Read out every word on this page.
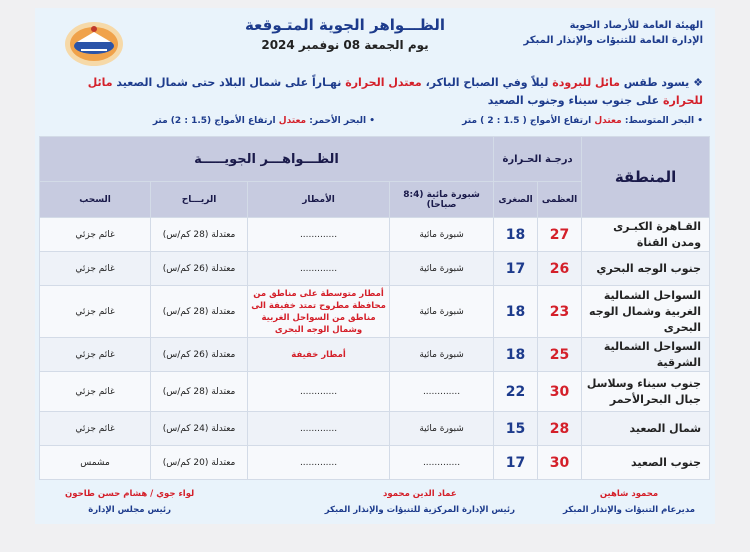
الهيئة العامة للأرصاد الجوية
الإدارة العامة للتنبؤات والإنذار المبكر
الظـــواهر الجوية المتـوقعة
يوم الجمعة 08 نوفمبر 2024
❖ يسود طقس مائل للبرودة ليلاً وفي الصباح الباكر، معتدل الحرارة نهـاراً على شمال البلاد حتى شمال الصعيد مائل للحرارة على جنوب سيناء وجنوب الصعيد
• البحر المتوسط: معتدل ارتفاع الأمواج ( 1.5 : 2 ) متر
• البحر الأحمر: معتدل ارتفاع الأمواج (1.5 : 2) متر
المنطقة	درجـة الحـرارة		الظـــواهـــر الجويـــــة			
	العظمى	الصغرى	شبورة مائية (8:4 صباحا)	الأمطار	الريـــاح	السحب
القـاهرة الكبـرى ومدن القناة	27	18	شبورة مائية	.............	معتدلة (28 كم/س)	غائم جزئي
جنوب الوجه البحري	26	17	شبورة مائية	.............	معتدلة (26 كم/س)	غائم جزئي
السواحل الشمالية الغربية وشمال الوجه البحرى	23	18	شبورة مائية	أمطار متوسطة على مناطق من محافظة مطروح تمتد خفيفة الى مناطق من السواحل الغربية وشمال الوجه البحرى	معتدلة (28 كم/س)	غائم جزئي
السواحل الشمالية الشرقية	25	18	شبورة مائية	أمطار خفيفة	معتدلة (26 كم/س)	غائم جزئي
جنوب سيناء وسلاسل جبال البحرالأحمر	30	22	.............	.............	معتدلة (28 كم/س)	غائم جزئي
شمال الصعيد	28	15	شبورة مائية	.............	معتدلة (24 كم/س)	غائم جزئي
جنوب الصعيد	30	17	.............	.............	معتدلة (20 كم/س)	مشمس
محمود شاهين
مديرعام التنبؤات والإنذار المبكر
عماد الدين محمود
رئيس الإدارة المركزية للتنبؤات والإنذار المبكر
لواء جوي / هشام حسن طاحون
رئيس مجلس الإدارة
